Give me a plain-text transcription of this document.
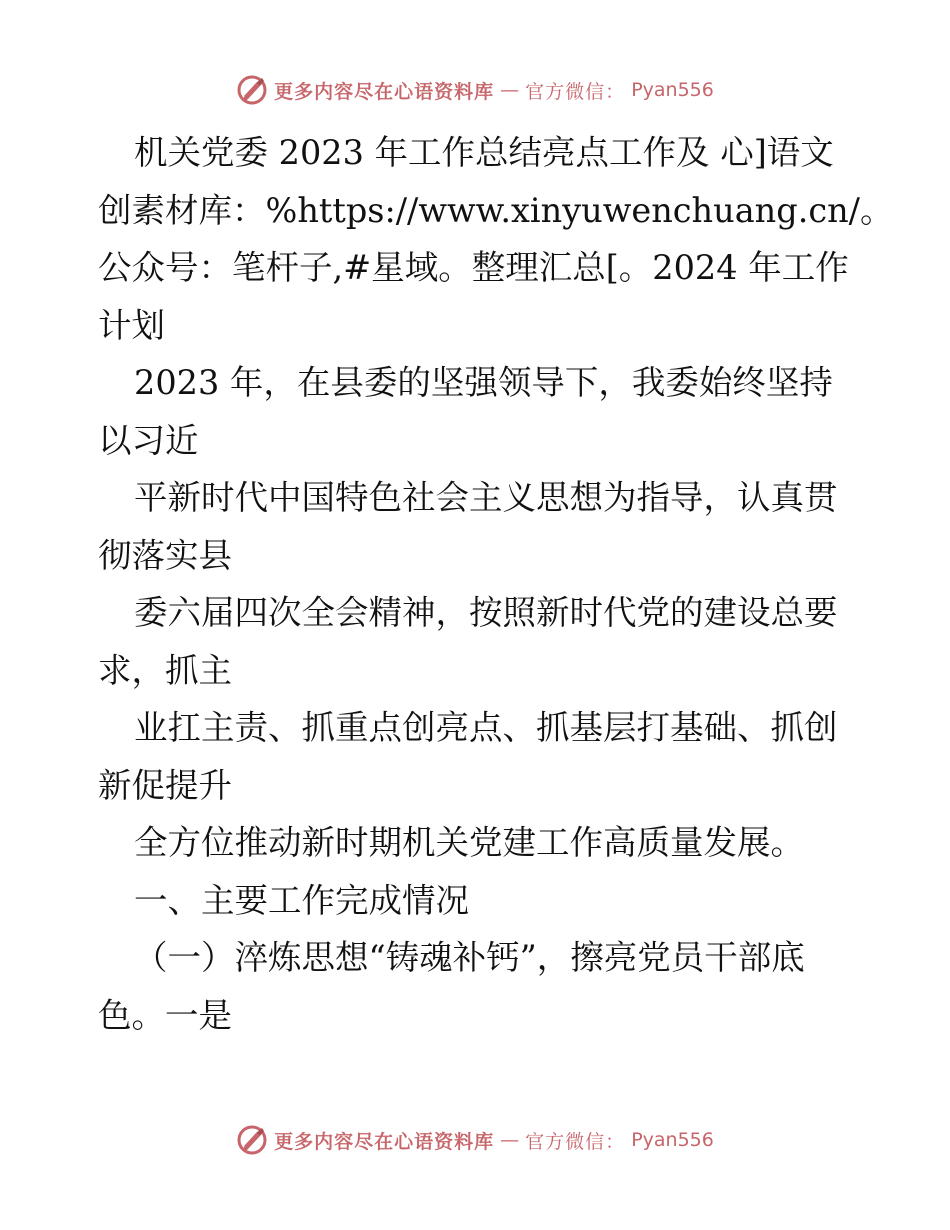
更多内容尽在心语资料库 — 官方微信： Pyan556
机关党委 2023 年工作总结亮点工作及 心]语文
创素材库：%https://www.xinyuwenchuang.cn/。
公众号：笔杆子,#星域。整理汇总[。2024 年工作
计划
2023 年，在县委的坚强领导下，我委始终坚持
以习近
平新时代中国特色社会主义思想为指导，认真贯
彻落实县
委六届四次全会精神，按照新时代党的建设总要
求，抓主
业扛主责、抓重点创亮点、抓基层打基础、抓创
新促提升
全方位推动新时期机关党建工作高质量发展。
一、主要工作完成情况
（一）淬炼思想“铸魂补钙”，擦亮党员干部底
色。一是
更多内容尽在心语资料库 — 官方微信： Pyan556
